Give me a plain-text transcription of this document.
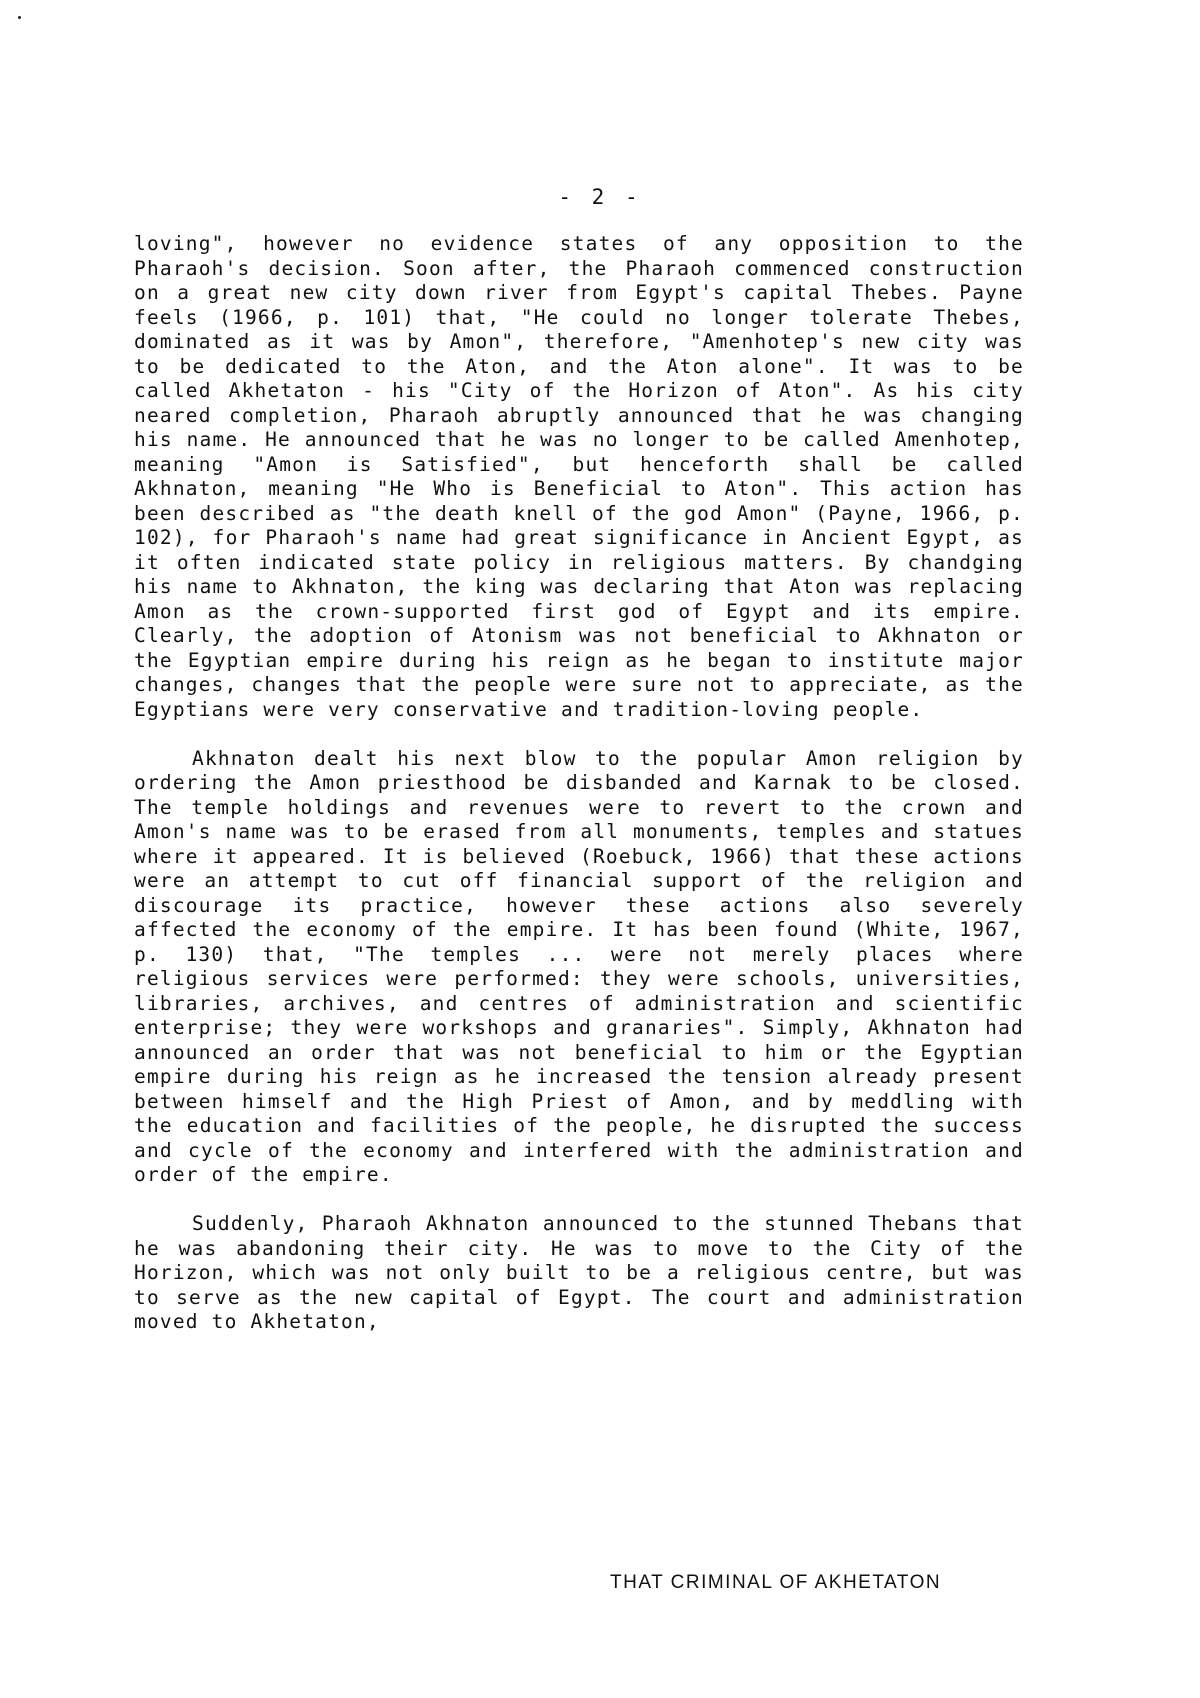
- 2 -

loving", however no evidence states of any opposition to the Pharaoh's decision. Soon after, the Pharaoh commenced construction on a great new city down river from Egypt's capital Thebes. Payne feels (1966, p. 101) that, "He could no longer tolerate Thebes, dominated as it was by Amon", therefore, "Amenhotep's new city was to be dedicated to the Aton, and the Aton alone". It was to be called Akhetaton - his "City of the Horizon of Aton". As his city neared completion, Pharaoh abruptly announced that he was changing his name. He announced that he was no longer to be called Amenhotep, meaning "Amon is Satisfied", but henceforth shall be called Akhnaton, meaning "He Who is Beneficial to Aton". This action has been described as "the death knell of the god Amon" (Payne, 1966, p. 102), for Pharaoh's name had great significance in Ancient Egypt, as it often indicated state policy in religious matters. By chandging his name to Akhnaton, the king was declaring that Aton was replacing Amon as the crown-supported first god of Egypt and its empire. Clearly, the adoption of Atonism was not beneficial to Akhnaton or the Egyptian empire during his reign as he began to institute major changes, changes that the people were sure not to appreciate, as the Egyptians were very conservative and tradition-loving people.

Akhnaton dealt his next blow to the popular Amon religion by ordering the Amon priesthood be disbanded and Karnak to be closed. The temple holdings and revenues were to revert to the crown and Amon's name was to be erased from all monuments, temples and statues where it appeared. It is believed (Roebuck, 1966) that these actions were an attempt to cut off financial support of the religion and discourage its practice, however these actions also severely affected the economy of the empire. It has been found (White, 1967, p. 130) that, "The temples ... were not merely places where religious services were performed: they were schools, universities, libraries, archives, and centres of administration and scientific enterprise; they were workshops and granaries". Simply, Akhnaton had announced an order that was not beneficial to him or the Egyptian empire during his reign as he increased the tension already present between himself and the High Priest of Amon, and by meddling with the education and facilities of the people, he disrupted the success and cycle of the economy and interfered with the administration and order of the empire.

Suddenly, Pharaoh Akhnaton announced to the stunned Thebans that he was abandoning their city. He was to move to the City of the Horizon, which was not only built to be a religious centre, but was to serve as the new capital of Egypt. The court and administration moved to Akhetaton,

THAT CRIMINAL OF AKHETATON
